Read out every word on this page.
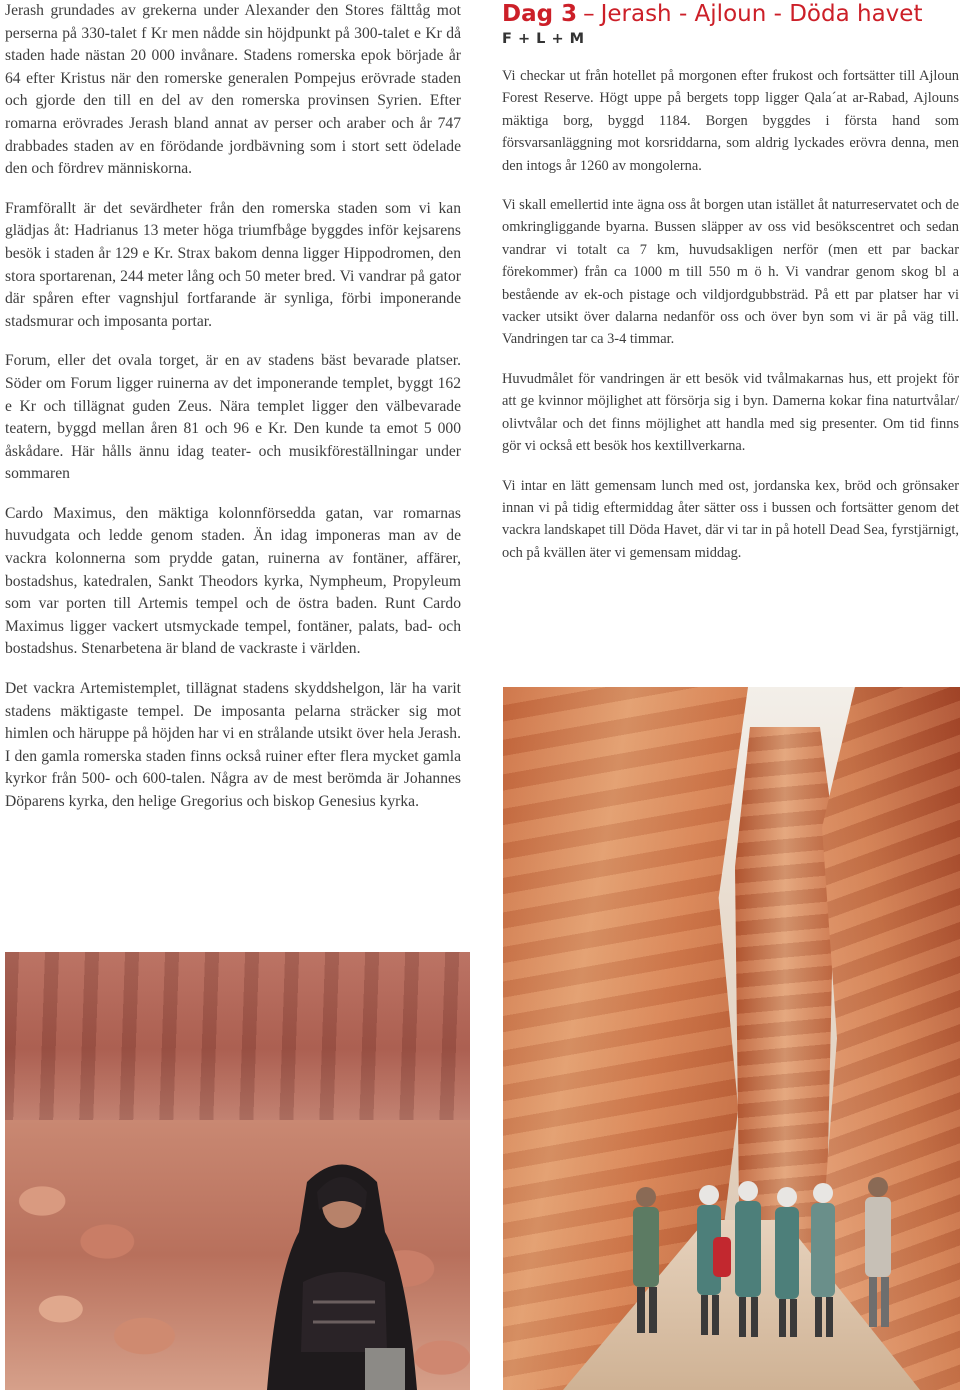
Jerash grundades av grekerna under Alexander den Stores fälttåg mot perserna på 330-talet f Kr men nådde sin höjdpunkt på 300-talet e Kr då staden hade nästan 20 000 invånare. Stadens romerska epok började år 64 efter Kristus när den romerske generalen Pompejus erövrade staden och gjorde den till en del av den romerska provinsen Syrien. Efter romarna erövrades Jerash bland annat av perser och araber och år 747 drabbades staden av en förödande jordbävning som i stort sett ödelade den och fördrev människorna.

Framförallt är det sevärdheter från den romerska staden som vi kan glädjas åt: Hadrianus 13 meter höga triumfbåge byggdes inför kejsarens besök i staden år 129 e Kr. Strax bakom denna ligger Hippodromen, den stora sportarenan, 244 meter lång och 50 meter bred. Vi vandrar på gator där spåren efter vagnshjul fortfarande är synliga, förbi imponerande stadsmurar och imposanta portar.

Forum, eller det ovala torget, är en av stadens bäst bevarade platser. Söder om Forum ligger ruinerna av det imponerande templet, byggt 162 e Kr och tillägnat guden Zeus. Nära templet ligger den välbevarade teatern, byggd mellan åren 81 och 96 e Kr. Den kunde ta emot 5 000 åskådare. Här hålls ännu idag teater- och musikföreställningar under sommaren

Cardo Maximus, den mäktiga kolonnförsedda gatan, var romarnas huvudgata och ledde genom staden. Än idag imponeras man av de vackra kolonnerna som prydde gatan, ruinerna av fontäner, affärer, bostadshus, katedralen, Sankt Theodors kyrka, Nympheum, Propyleum som var porten till Artemis tempel och de östra baden. Runt Cardo Maximus ligger vackert utsmyckade tempel, fontäner, palats, bad- och bostadshus. Stenarbetena är bland de vackraste i världen.

Det vackra Artemistemplet, tillägnat stadens skyddshelgon, lär ha varit stadens mäktigaste tempel. De imposanta pelarna sträcker sig mot himlen och häruppe på höjden har vi en strålande utsikt över hela Jerash. I den gamla romerska staden finns också ruiner efter flera mycket gamla kyrkor från 500- och 600-talen. Några av de mest berömda är Johannes Döparens kyrka, den helige Gregorius och biskop Genesius kyrka.

Dag 3 – Jerash - Ajloun - Döda havet
F + L + M

Vi checkar ut från hotellet på morgonen efter frukost och fortsätter till Ajloun Forest Reserve. Högt uppe på bergets topp ligger Qala´at ar-Rabad, Ajlouns mäktiga borg, byggd 1184. Borgen byggdes i första hand som försvarsanläggning mot korsriddarna, som aldrig lyckades erövra denna, men den intogs år 1260 av mongolerna.

Vi skall emellertid inte ägna oss åt borgen utan istället åt naturreservatet och de omkringliggande byarna. Bussen släpper av oss vid besökscentret och sedan vandrar vi totalt ca 7 km, huvudsakligen nerför (men ett par backar förekommer) från ca 1000 m till 550 m ö h. Vi vandrar genom skog bl a bestående av ek-och pistage och vildjordgubbsträd. På ett par platser har vi vacker utsikt över dalarna nedanför oss och över byn som vi är på väg till. Vandringen tar ca 3-4 timmar.

Huvudmålet för vandringen är ett besök vid tvålmakarnas hus, ett projekt för att ge kvinnor möjlighet att försörja sig i byn. Damerna kokar fina naturtvålar/ olivtvålar och det finns möjlighet att handla med sig presenter. Om tid finns gör vi också ett besök hos kextillverkarna.

Vi intar en lätt gemensam lunch med ost, jordanska kex, bröd och grönsaker innan vi på tidig eftermiddag åter sätter oss i bussen och fortsätter genom det vackra landskapet till Döda Havet, där vi tar in på hotell Dead Sea, fyrstjärnigt, och på kvällen äter vi gemensam middag.
